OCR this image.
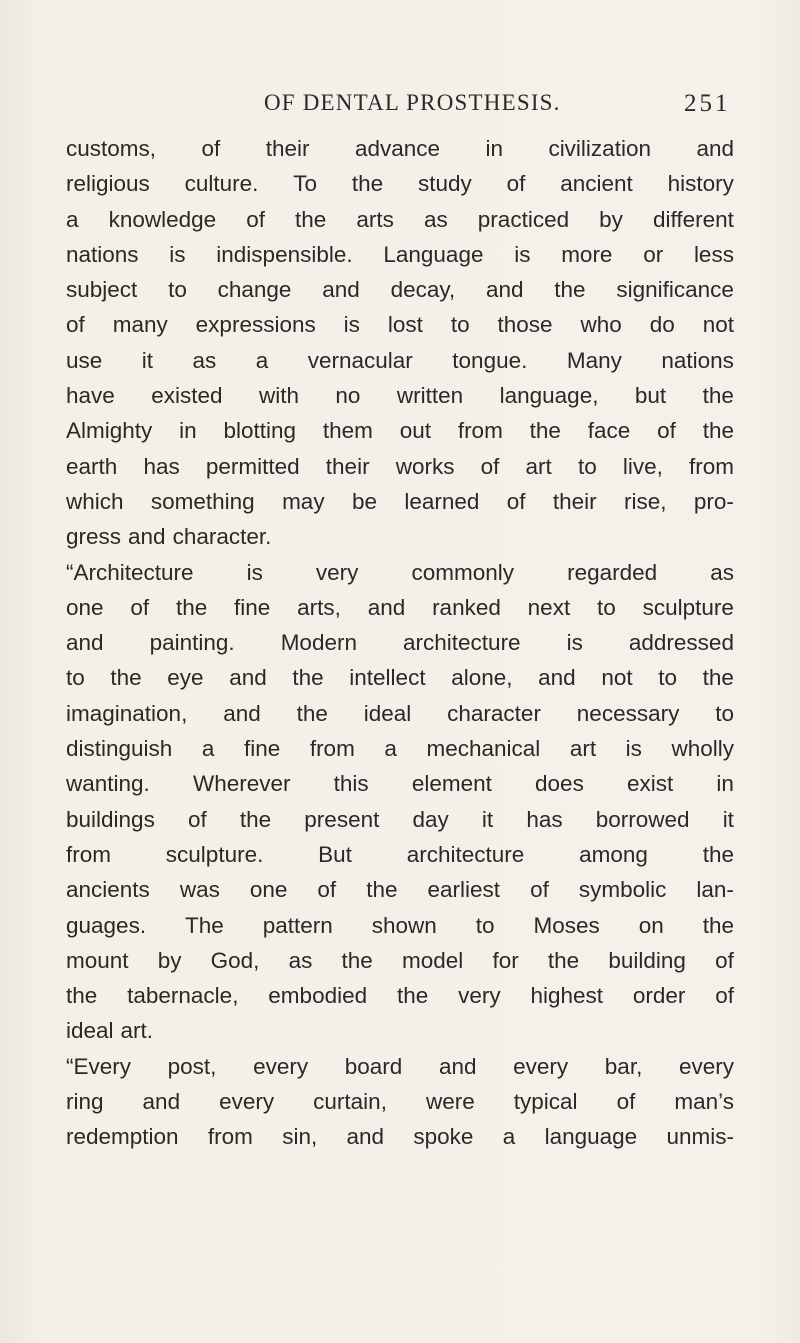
OF DENTAL PROSTHESIS.	251
customs, of their advance in civilization and
religious culture. To the study of ancient history
a knowledge of the arts as practiced by different
nations is indispensible. Language is more or less
subject to change and decay, and the significance
of many expressions is lost to those who do not
use it as a vernacular tongue. Many nations
have existed with no written language, but the
Almighty in blotting them out from the face of the
earth has permitted their works of art to live, from
which something may be learned of their rise, pro-
gress and character.
“Architecture is very commonly regarded as
one of the fine arts, and ranked next to sculpture
and painting. Modern architecture is addressed
to the eye and the intellect alone, and not to the
imagination, and the ideal character necessary to
distinguish a fine from a mechanical art is wholly
wanting. Wherever this element does exist in
buildings of the present day it has borrowed it
from sculpture. But architecture among the
ancients was one of the earliest of symbolic lan-
guages. The pattern shown to Moses on the
mount by God, as the model for the building of
the tabernacle, embodied the very highest order of
ideal art.
“Every post, every board and every bar, every
ring and every curtain, were typical of man’s
redemption from sin, and spoke a language unmis-
